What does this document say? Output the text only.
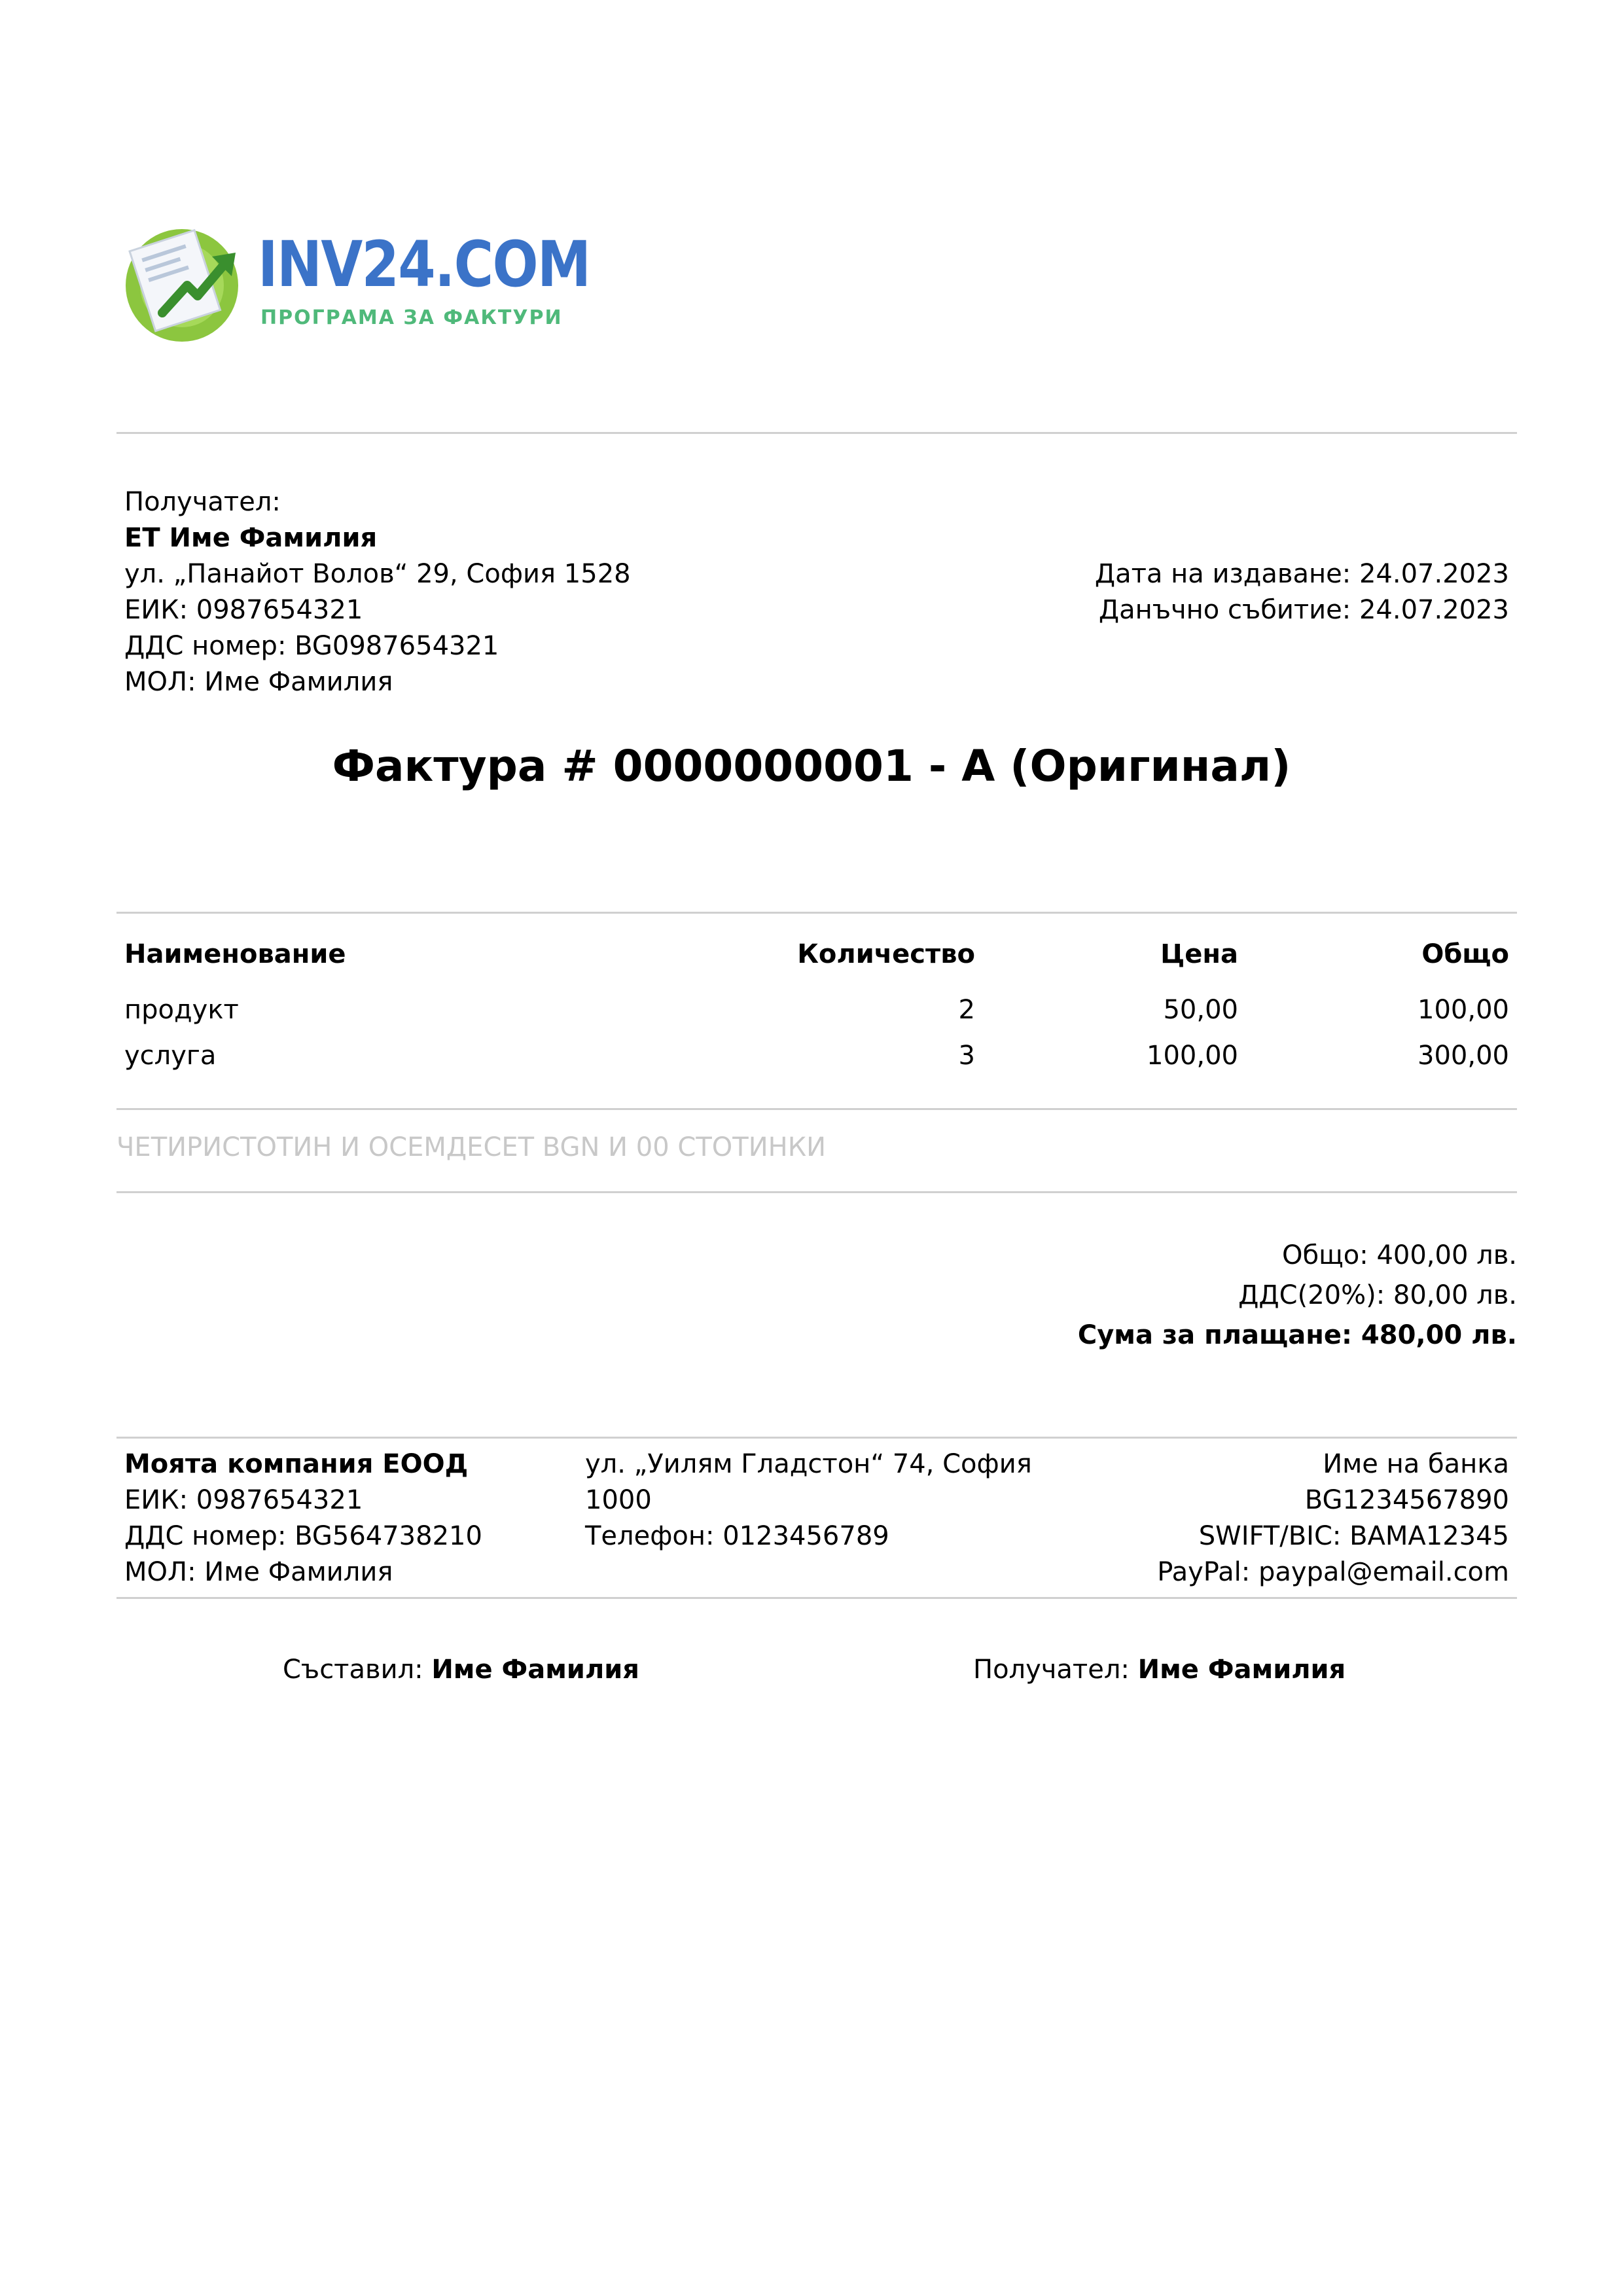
INV24.COM
ПРОГРАМА ЗА ФАКТУРИ
Получател:
ЕТ Име Фамилия
ул. „Панайот Волов“ 29, София 1528
ЕИК: 0987654321
ДДС номер: BG0987654321
МОЛ: Име Фамилия
Дата на издаване: 24.07.2023
Данъчно събитие: 24.07.2023
Фактура # 0000000001 - A (Оригинал)
Наименование	Количество	Цена	Общо
продукт	2	50,00	100,00
услуга	3	100,00	300,00
ЧЕТИРИСТОТИН И ОСЕМДЕСЕТ BGN И 00 СТОТИНКИ
Общо: 400,00 лв.
ДДС(20%): 80,00 лв.
Сума за плащане: 480,00 лв.
Моята компания ЕООД
ЕИК: 0987654321
ДДС номер: BG564738210
МОЛ: Име Фамилия
ул. „Уилям Гладстон“ 74, София
1000
Телефон: 0123456789
Име на банка
BG1234567890
SWIFT/BIC: BAMA12345
PayPal: paypal@email.com
Съставил: Име Фамилия	Получател: Име Фамилия
